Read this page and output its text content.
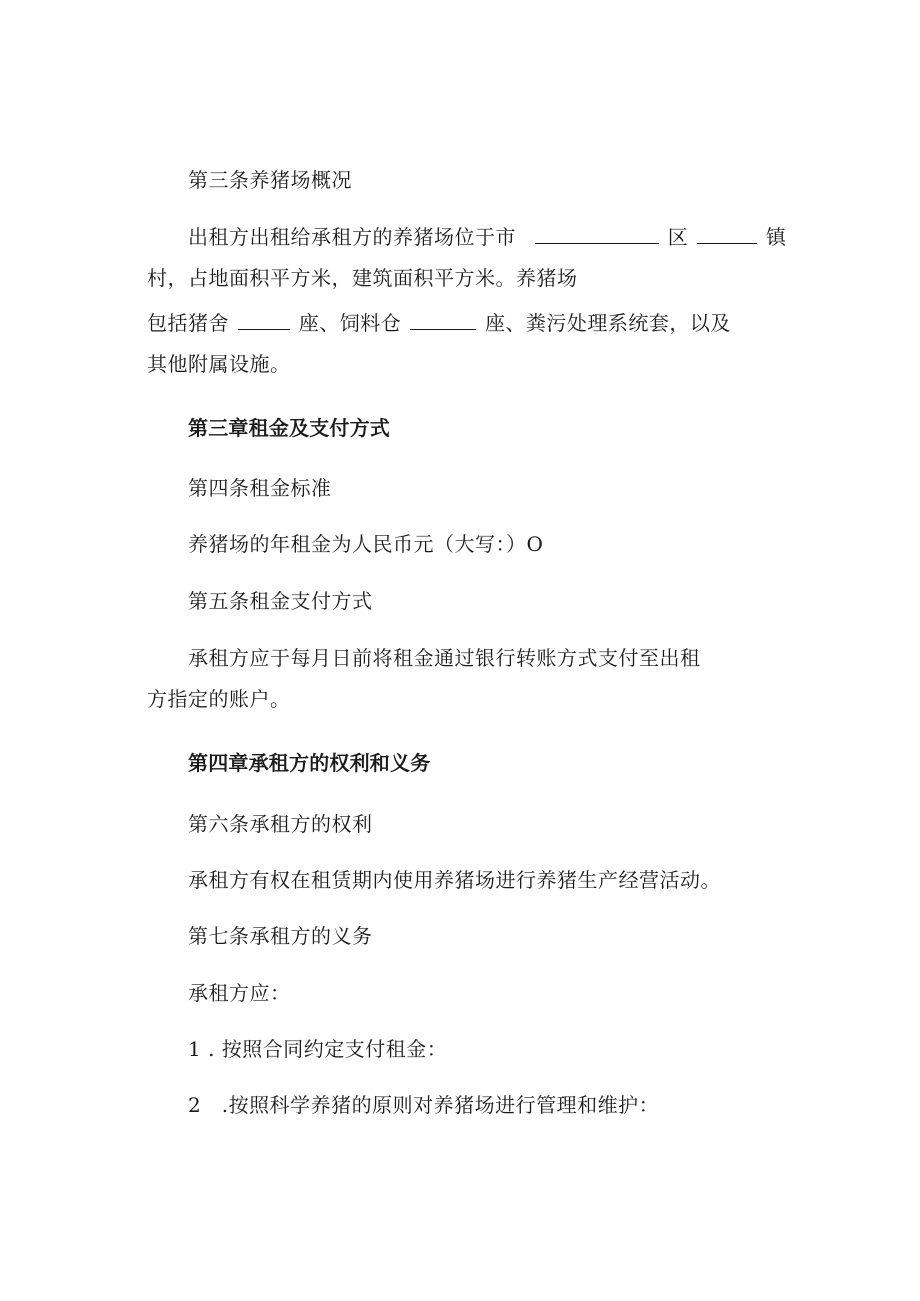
第三条养猪场概况
出租方出租给承租方的养猪场位于市	区	镇
村，占地面积平方米，建筑面积平方米。养猪场
包括猪舍	座、饲料仓	座、粪污处理系统套，以及
其他附属设施。
第三章租金及支付方式
第四条租金标准
养猪场的年租金为人民币元（大写：）O
第五条租金支付方式
承租方应于每月日前将租金通过银行转账方式支付至出租
方指定的账户。
第四章承租方的权利和义务
第六条承租方的权利
承租方有权在租赁期内使用养猪场进行养猪生产经营活动。
第七条承租方的义务
承租方应：
1 . 按照合同约定支付租金：
2   .按照科学养猪的原则对养猪场进行管理和维护：
